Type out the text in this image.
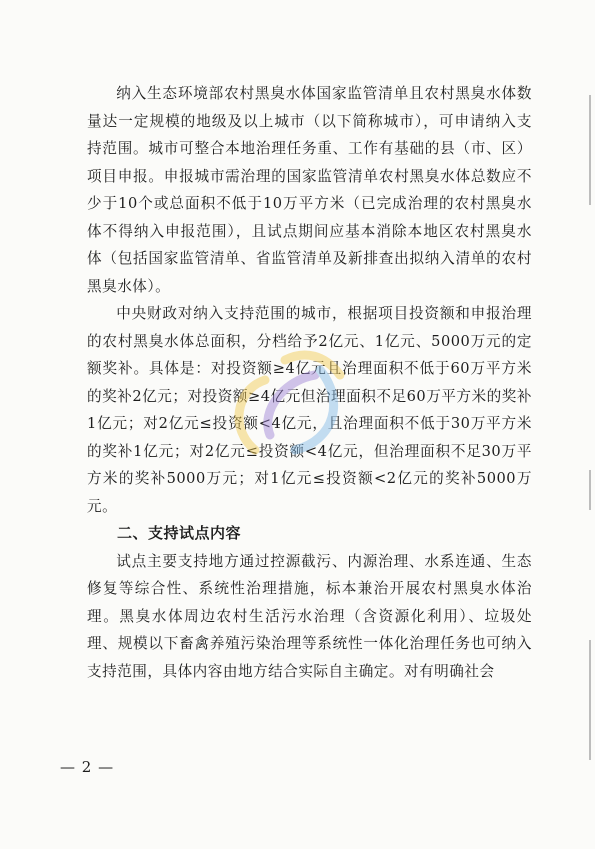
纳入生态环境部农村黑臭水体国家监管清单且农村黑臭水体数量达一定规模的地级及以上城市（以下简称城市），可申请纳入支持范围。城市可整合本地治理任务重、工作有基础的县（市、区）项目申报。申报城市需治理的国家监管清单农村黑臭水体总数应不少于10个或总面积不低于10万平方米（已完成治理的农村黑臭水体不得纳入申报范围），且试点期间应基本消除本地区农村黑臭水体（包括国家监管清单、省监管清单及新排查出拟纳入清单的农村黑臭水体）。

中央财政对纳入支持范围的城市，根据项目投资额和申报治理的农村黑臭水体总面积，分档给予2亿元、1亿元、5000万元的定额奖补。具体是：对投资额≥4亿元且治理面积不低于60万平方米的奖补2亿元；对投资额≥4亿元但治理面积不足60万平方米的奖补1亿元；对2亿元≤投资额<4亿元，且治理面积不低于30万平方米的奖补1亿元；对2亿元≤投资额<4亿元，但治理面积不足30万平方米的奖补5000万元；对1亿元≤投资额<2亿元的奖补5000万元。

二、支持试点内容

试点主要支持地方通过控源截污、内源治理、水系连通、生态修复等综合性、系统性治理措施，标本兼治开展农村黑臭水体治理。黑臭水体周边农村生活污水治理（含资源化利用）、垃圾处理、规模以下畜禽养殖污染治理等系统性一体化治理任务也可纳入支持范围，具体内容由地方结合实际自主确定。对有明确社会

— 2 —
